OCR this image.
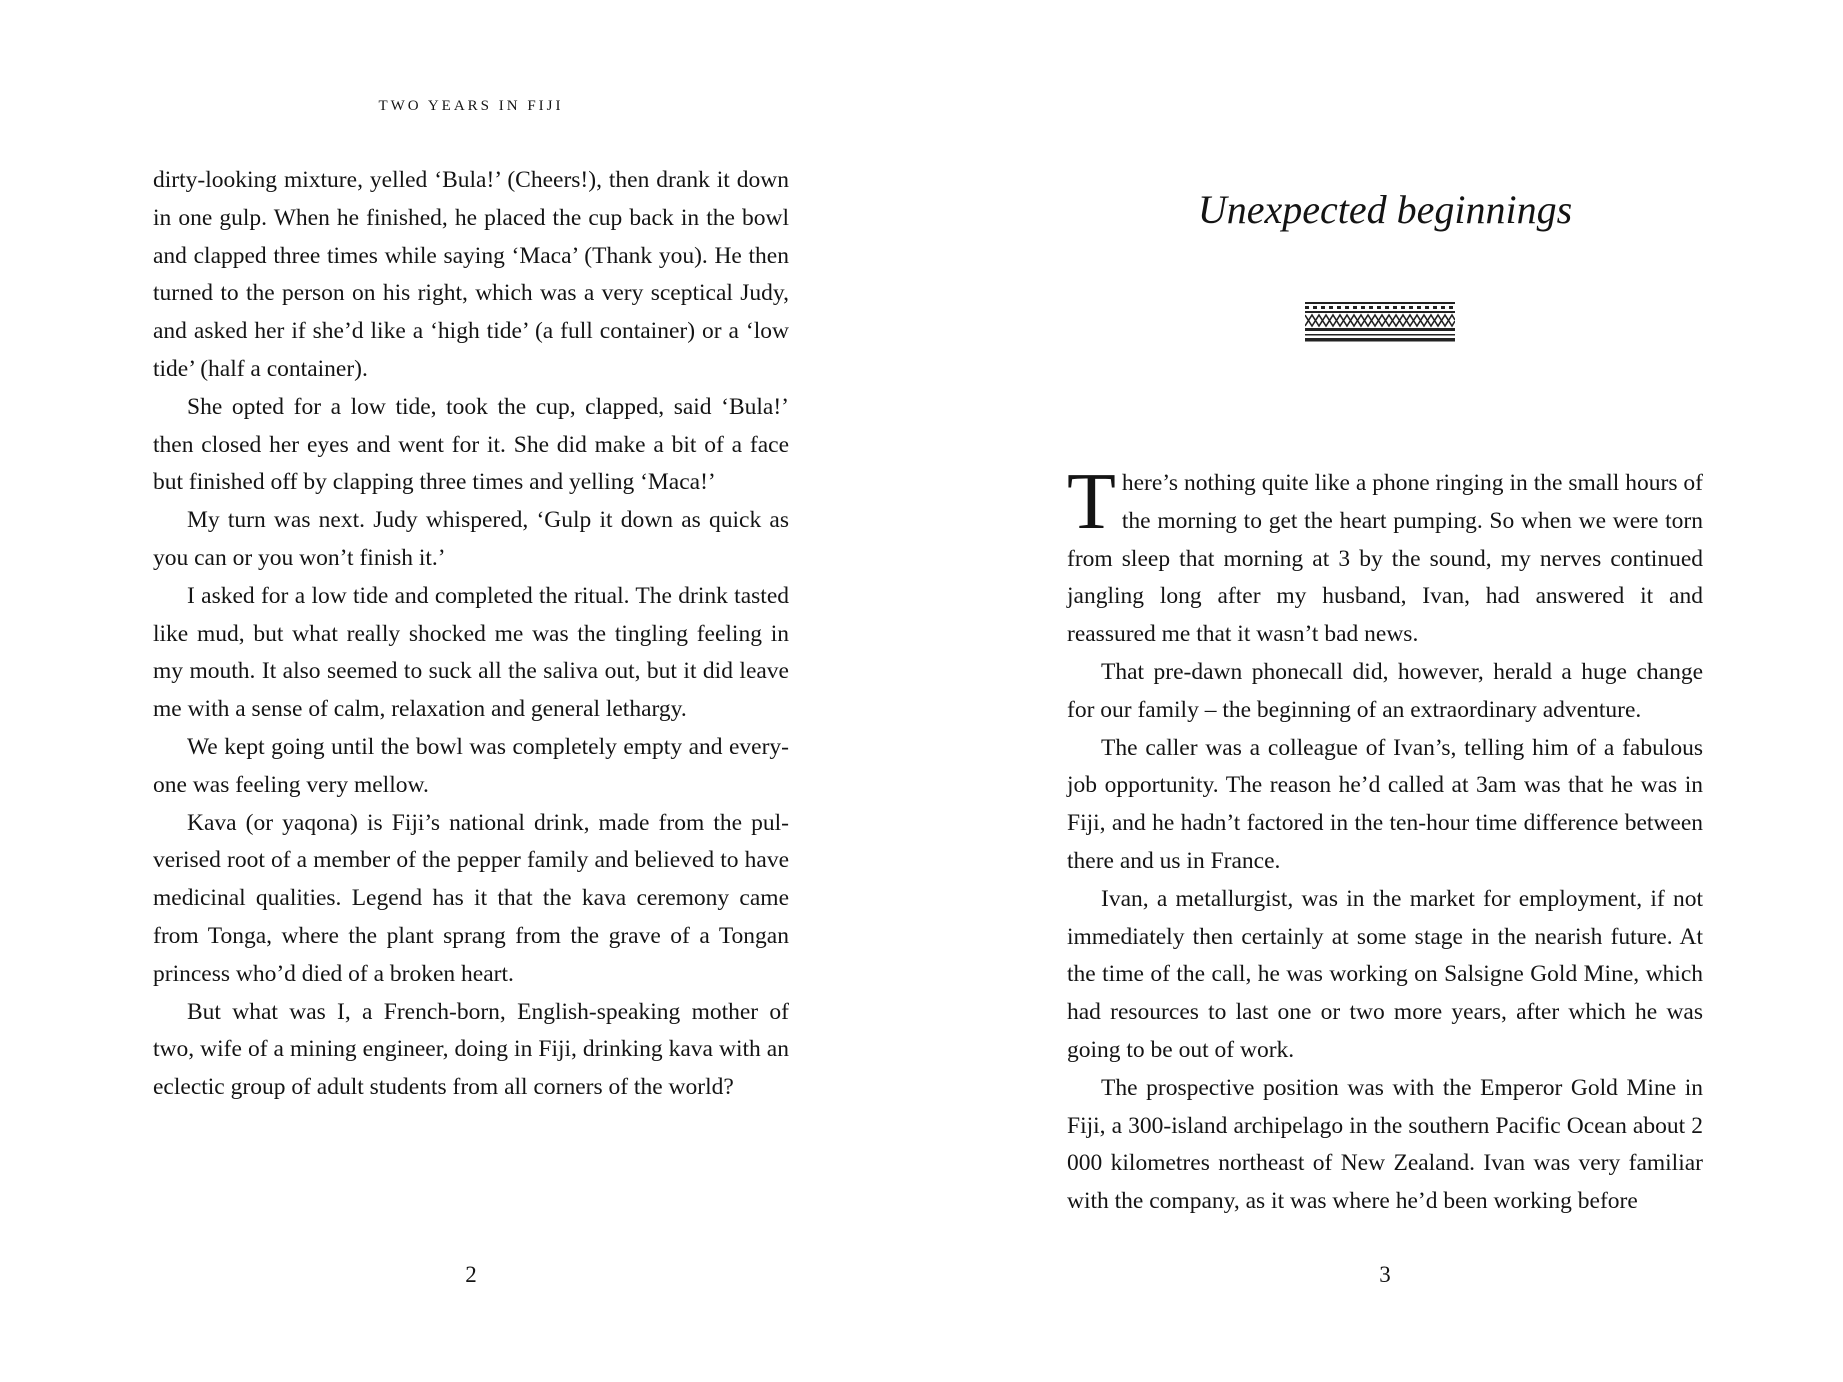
TWO YEARS IN FIJI

dirty-looking mixture, yelled ‘Bula!’ (Cheers!), then drank it down in one gulp. When he finished, he placed the cup back in the bowl and clapped three times while saying ‘Maca’ (Thank you). He then turned to the person on his right, which was a very sceptical Judy, and asked her if she’d like a ‘high tide’ (a full container) or a ‘low tide’ (half a container).

She opted for a low tide, took the cup, clapped, said ‘Bula!’ then closed her eyes and went for it. She did make a bit of a face but finished off by clapping three times and yelling ‘Maca!’

My turn was next. Judy whispered, ‘Gulp it down as quick as you can or you won’t finish it.’

I asked for a low tide and completed the ritual. The drink tasted like mud, but what really shocked me was the tingling feeling in my mouth. It also seemed to suck all the saliva out, but it did leave me with a sense of calm, relaxation and general lethargy.

We kept going until the bowl was completely empty and everyone was feeling very mellow.

Kava (or yaqona) is Fiji’s national drink, made from the pulverised root of a member of the pepper family and believed to have medicinal qualities. Legend has it that the kava ceremony came from Tonga, where the plant sprang from the grave of a Tongan princess who’d died of a broken heart.

But what was I, a French-born, English-speaking mother of two, wife of a mining engineer, doing in Fiji, drinking kava with an eclectic group of adult students from all corners of the world?

2
Unexpected beginnings

There’s nothing quite like a phone ringing in the small hours of the morning to get the heart pumping. So when we were torn from sleep that morning at 3 by the sound, my nerves continued jangling long after my husband, Ivan, had answered it and reassured me that it wasn’t bad news.

That pre-dawn phonecall did, however, herald a huge change for our family – the beginning of an extraordinary adventure.

The caller was a colleague of Ivan’s, telling him of a fabulous job opportunity. The reason he’d called at 3am was that he was in Fiji, and he hadn’t factored in the ten-hour time difference between there and us in France.

Ivan, a metallurgist, was in the market for employment, if not immediately then certainly at some stage in the nearish future. At the time of the call, he was working on Salsigne Gold Mine, which had resources to last one or two more years, after which he was going to be out of work.

The prospective position was with the Emperor Gold Mine in Fiji, a 300-island archipelago in the southern Pacific Ocean about 2 000 kilometres northeast of New Zealand. Ivan was very familiar with the company, as it was where he’d been working before

3
